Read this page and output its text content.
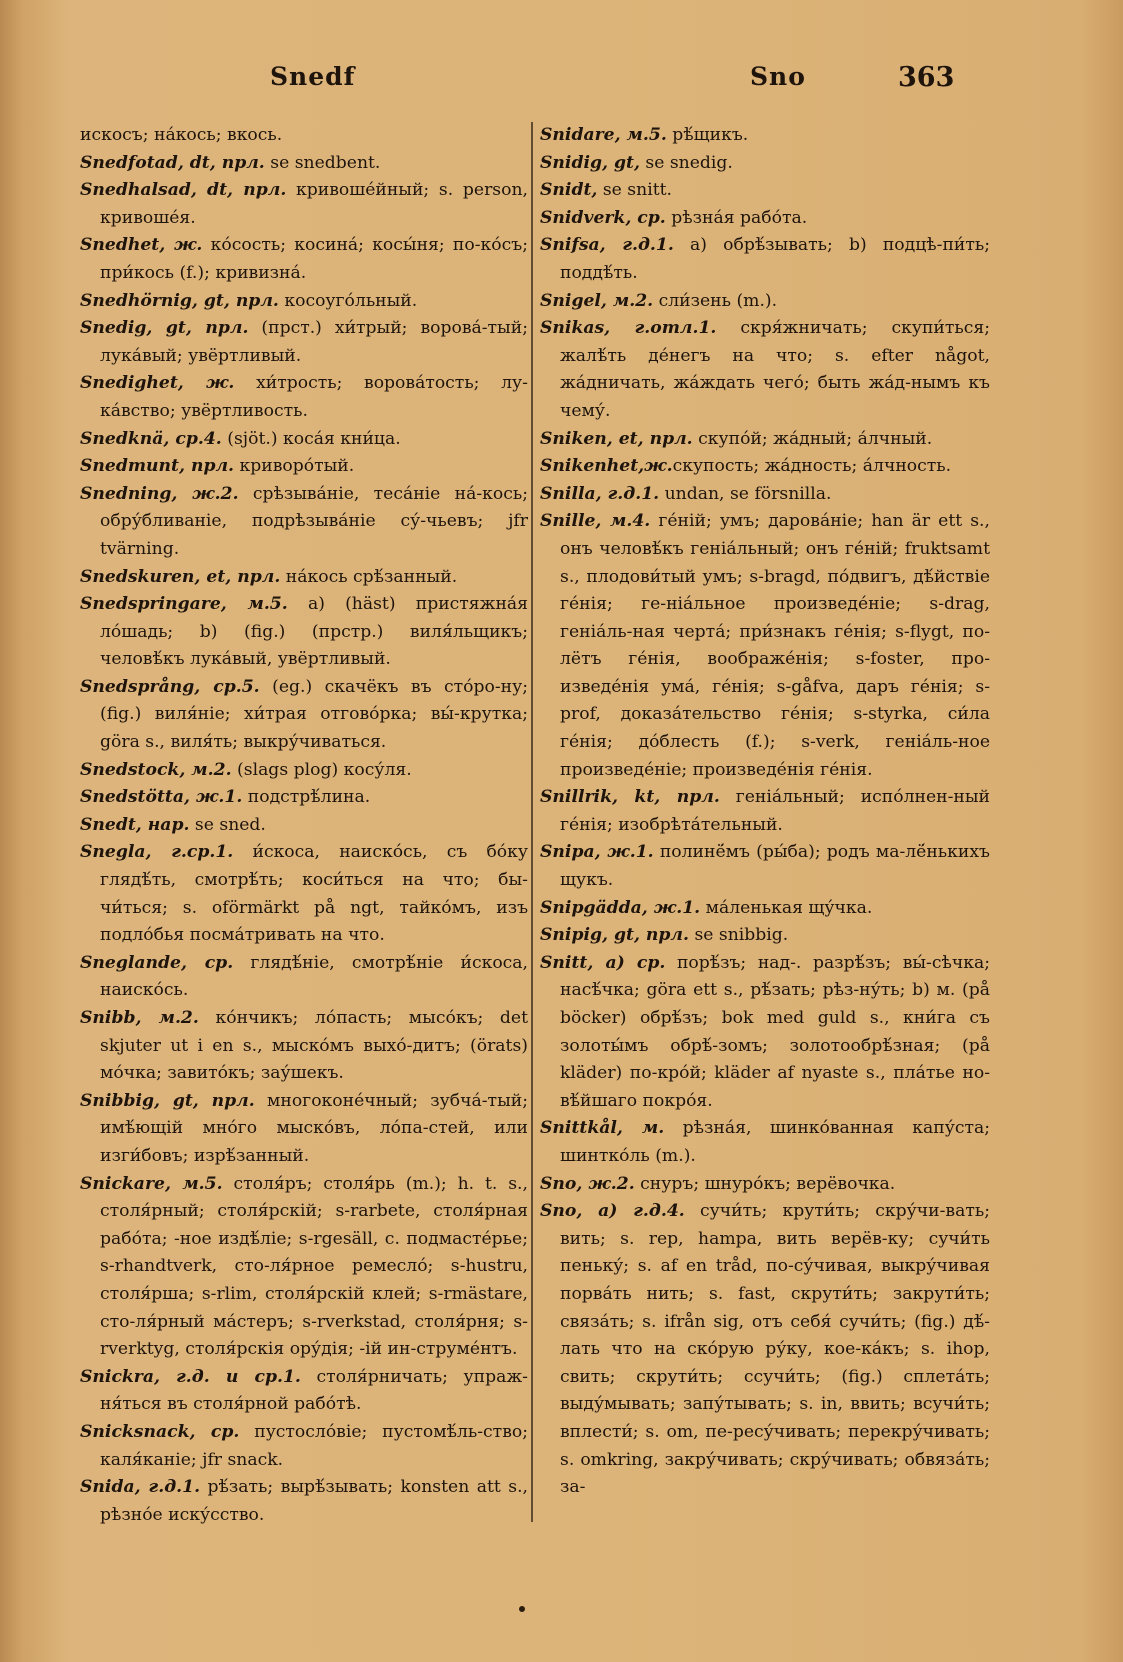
Snedf	Sno	363

искосъ; на́кось; вкось.

Snedfotad, dt, прл. se snedbent.

Snedhalsad, dt, прл. кривоше́йный; s. person, кривоше́я.

Snedhet, ж. ко́сость; косина́; косы́ня; по-ко́съ; при́кось (f.); кривизна́.

Snedhörnig, gt, прл. косоуго́льный.

Snedig, gt, прл. (прст.) хи́трый; ворова́-тый; лука́вый; увёртливый.

Snedighet, ж. хи́трость; ворова́тость; лу-ка́вство; увёртливость.

Snedknä, ср.4. (sjöt.) коса́я кни́ца.

Snedmunt, прл. криворо́тый.

Snedning, ж.2. срѣзыва́ніе, теса́ніе на́-кось; обру́бливаніе, подрѣзыва́ніе су́-чьевъ; jfr tvärning.

Snedskuren, et, прл. на́кось срѣ́занный.

Snedspringare, м.5. a) (häst) пристяжна́я ло́шадь; b) (fig.) (прстр.) виля́льщикъ; человѣ́къ лука́вый, увёртливый.

Snedsprång, ср.5. (eg.) скачёкъ въ сто́ро-ну; (fig.) виля́ніе; хи́трая отгово́рка; вы́-крутка; göra s., виля́ть; выкру́чиваться.

Snedstock, м.2. (slags plog) косу́ля.

Snedstötta, ж.1. подстрѣ́лина.

Snedt, нар. se sned.

Snegla, г.ср.1. и́скоса, наиско́сь, съ бо́ку глядѣ́ть, смотрѣ́ть; коси́ться на что; бы-чи́ться; s. oförmärkt på ngt, тайко́мъ, изъ подло́бья посма́тривать на что.

Sneglande, ср. глядѣ́ніе, смотрѣ́ніе и́скоса, наиско́сь.

Snibb, м.2. ко́нчикъ; ло́пасть; мысо́къ; det skjuter ut i en s., мыско́мъ выхо́-дитъ; (örats) мо́чка; завито́къ; зау́шекъ.

Snibbig, gt, прл. многоконе́чный; зубча́-тый; имѣ́ющій мно́го мыско́въ, ло́па-стей, или изги́бовъ; изрѣ́занный.

Snickare, м.5. столя́ръ; столя́рь (m.); h. t. s., столя́рный; столя́рскій; s-rarbete, столя́рная рабо́та; -ное издѣ́ліе; s-rgesäll, с. подмасте́рье; s-rhandtverk, сто-ля́рное ремесло́; s-hustru, столя́рша; s-rlim, столя́рскій клей; s-rmästare, сто-ля́рный ма́стеръ; s-rverkstad, столя́рня; s-rverktyg, столя́рскія ору́дія; -ій ин-струме́нтъ.

Snickra, г.д. и ср.1. столя́рничать; упраж-ня́ться въ столя́рной рабо́тѣ.

Snicksnack, ср. пустосло́віе; пустомѣ́ль-ство; каля́каніе; jfr snack.

Snida, г.д.1. рѣ́зать; вырѣ́зывать; konsten att s., рѣзно́е иску́сство.

Snidare, м.5. рѣ́щикъ.

Snidig, gt, se snedig.

Snidt, se snitt.

Snidverk, ср. рѣзна́я рабо́та.

Snifsa, г.д.1. a) обрѣ́зывать; b) подцѣ-пи́ть; поддѣ́ть.

Snigel, м.2. сли́зень (m.).

Snikas, г.отл.1. скря́жничать; скупи́ться; жалѣ́ть де́негъ на что; s. efter något, жа́дничать, жа́ждать чего́; быть жа́д-нымъ къ чему́.

Sniken, et, прл. скупо́й; жа́дный; а́лчный.

Snikenhet,ж.скупость; жа́дность; а́лчность.

Snilla, г.д.1. undan, se försnilla.

Snille, м.4. ге́ній; умъ; дарова́ніе; han är ett s., онъ человѣ́къ геніа́льный; онъ ге́ній; fruktsamt s., плодови́тый умъ; s-bragd, по́двигъ, дѣ́йствіе ге́нія; ге-ніа́льное произведе́ніе; s-drag, геніа́ль-ная черта́; при́знакъ ге́нія; s-flygt, по-лётъ ге́нія, воображе́нія; s-foster, про-изведе́нія ума́, ге́нія; s-gåfva, даръ ге́нія; s-prof, доказа́тельство ге́нія; s-styrka, си́ла ге́нія; до́блесть (f.); s-verk, геніа́ль-ное произведе́ніе; произведе́нія ге́нія.

Snillrik, kt, прл. геніа́льный; испо́лнен-ный ге́нія; изобрѣта́тельный.

Snipa, ж.1. полинё́мъ (ры́ба); родъ ма-лё́нькихъ щукъ.

Snipgädda, ж.1. ма́ленькая щу́чка.

Snipig, gt, прл. se snibbig.

Snitt, a) ср. порѣ́зъ; над-. разрѣ́зъ; вы́-сѣчка; насѣ́чка; göra ett s., рѣ́зать; рѣз-ну́ть; b) м. (på böcker) обрѣ́зъ; bok med guld s., кни́га съ золоты́мъ обрѣ́-зомъ; золотообрѣ́зная; (på kläder) по-кро́й; kläder af nyaste s., пла́тье но-вѣ́йшаго покро́я.

Snittkål, м. рѣзна́я, шинко́ванная капу́ста; шинтко́ль (m.).

Sno, ж.2. снуръ; шнуро́къ; верёвочка.

Sno, a) г.д.4. сучи́ть; крути́ть; скру́чи-вать; вить; s. rep, hampa, вить верёв-ку; сучи́ть пеньку́; s. af en tråd, по-су́чивая, выкру́чивая порва́ть нить; s. fast, скрути́ть; закрути́ть; связа́ть; s. ifrån sig, отъ себя́ сучи́ть; (fig.) дѣ́-лать что на ско́рую ру́ку, кое-ка́къ; s. ihop, свить; скрути́ть; ссучи́ть; (fig.) сплета́ть; выду́мывать; запу́тывать; s. in, ввить; всучи́ть; вплести́; s. om, пе-ресу́чивать; перекру́чивать; s. omkring, закру́чивать; скру́чивать; обвяза́ть; за-
